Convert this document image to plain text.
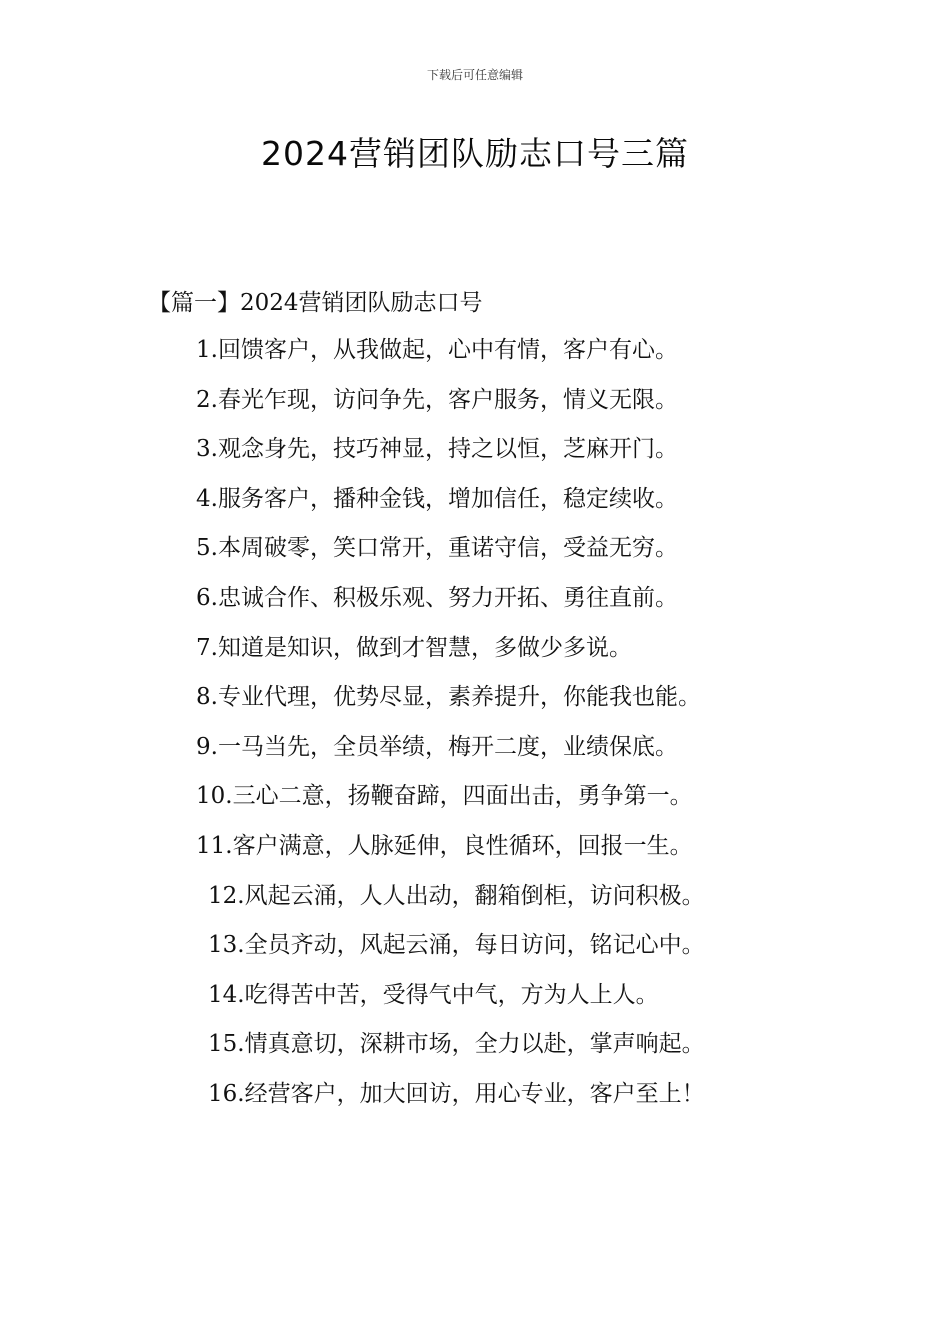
下载后可任意编辑
2024营销团队励志口号三篇
【篇一】2024营销团队励志口号
1.回馈客户，从我做起，心中有情，客户有心。
2.春光乍现，访问争先，客户服务，情义无限。
3.观念身先，技巧神显，持之以恒，芝麻开门。
4.服务客户，播种金钱，增加信任，稳定续收。
5.本周破零，笑口常开，重诺守信，受益无穷。
6.忠诚合作、积极乐观、努力开拓、勇往直前。
7.知道是知识，做到才智慧，多做少多说。
8.专业代理，优势尽显，素养提升，你能我也能。
9.一马当先，全员举绩，梅开二度，业绩保底。
10.三心二意，扬鞭奋蹄，四面出击，勇争第一。
11.客户满意，人脉延伸，良性循环，回报一生。
12.风起云涌，人人出动，翻箱倒柜，访问积极。
13.全员齐动，风起云涌，每日访问，铭记心中。
14.吃得苦中苦，受得气中气，方为人上人。
15.情真意切，深耕市场，全力以赴，掌声响起。
16.经营客户，加大回访，用心专业，客户至上！
